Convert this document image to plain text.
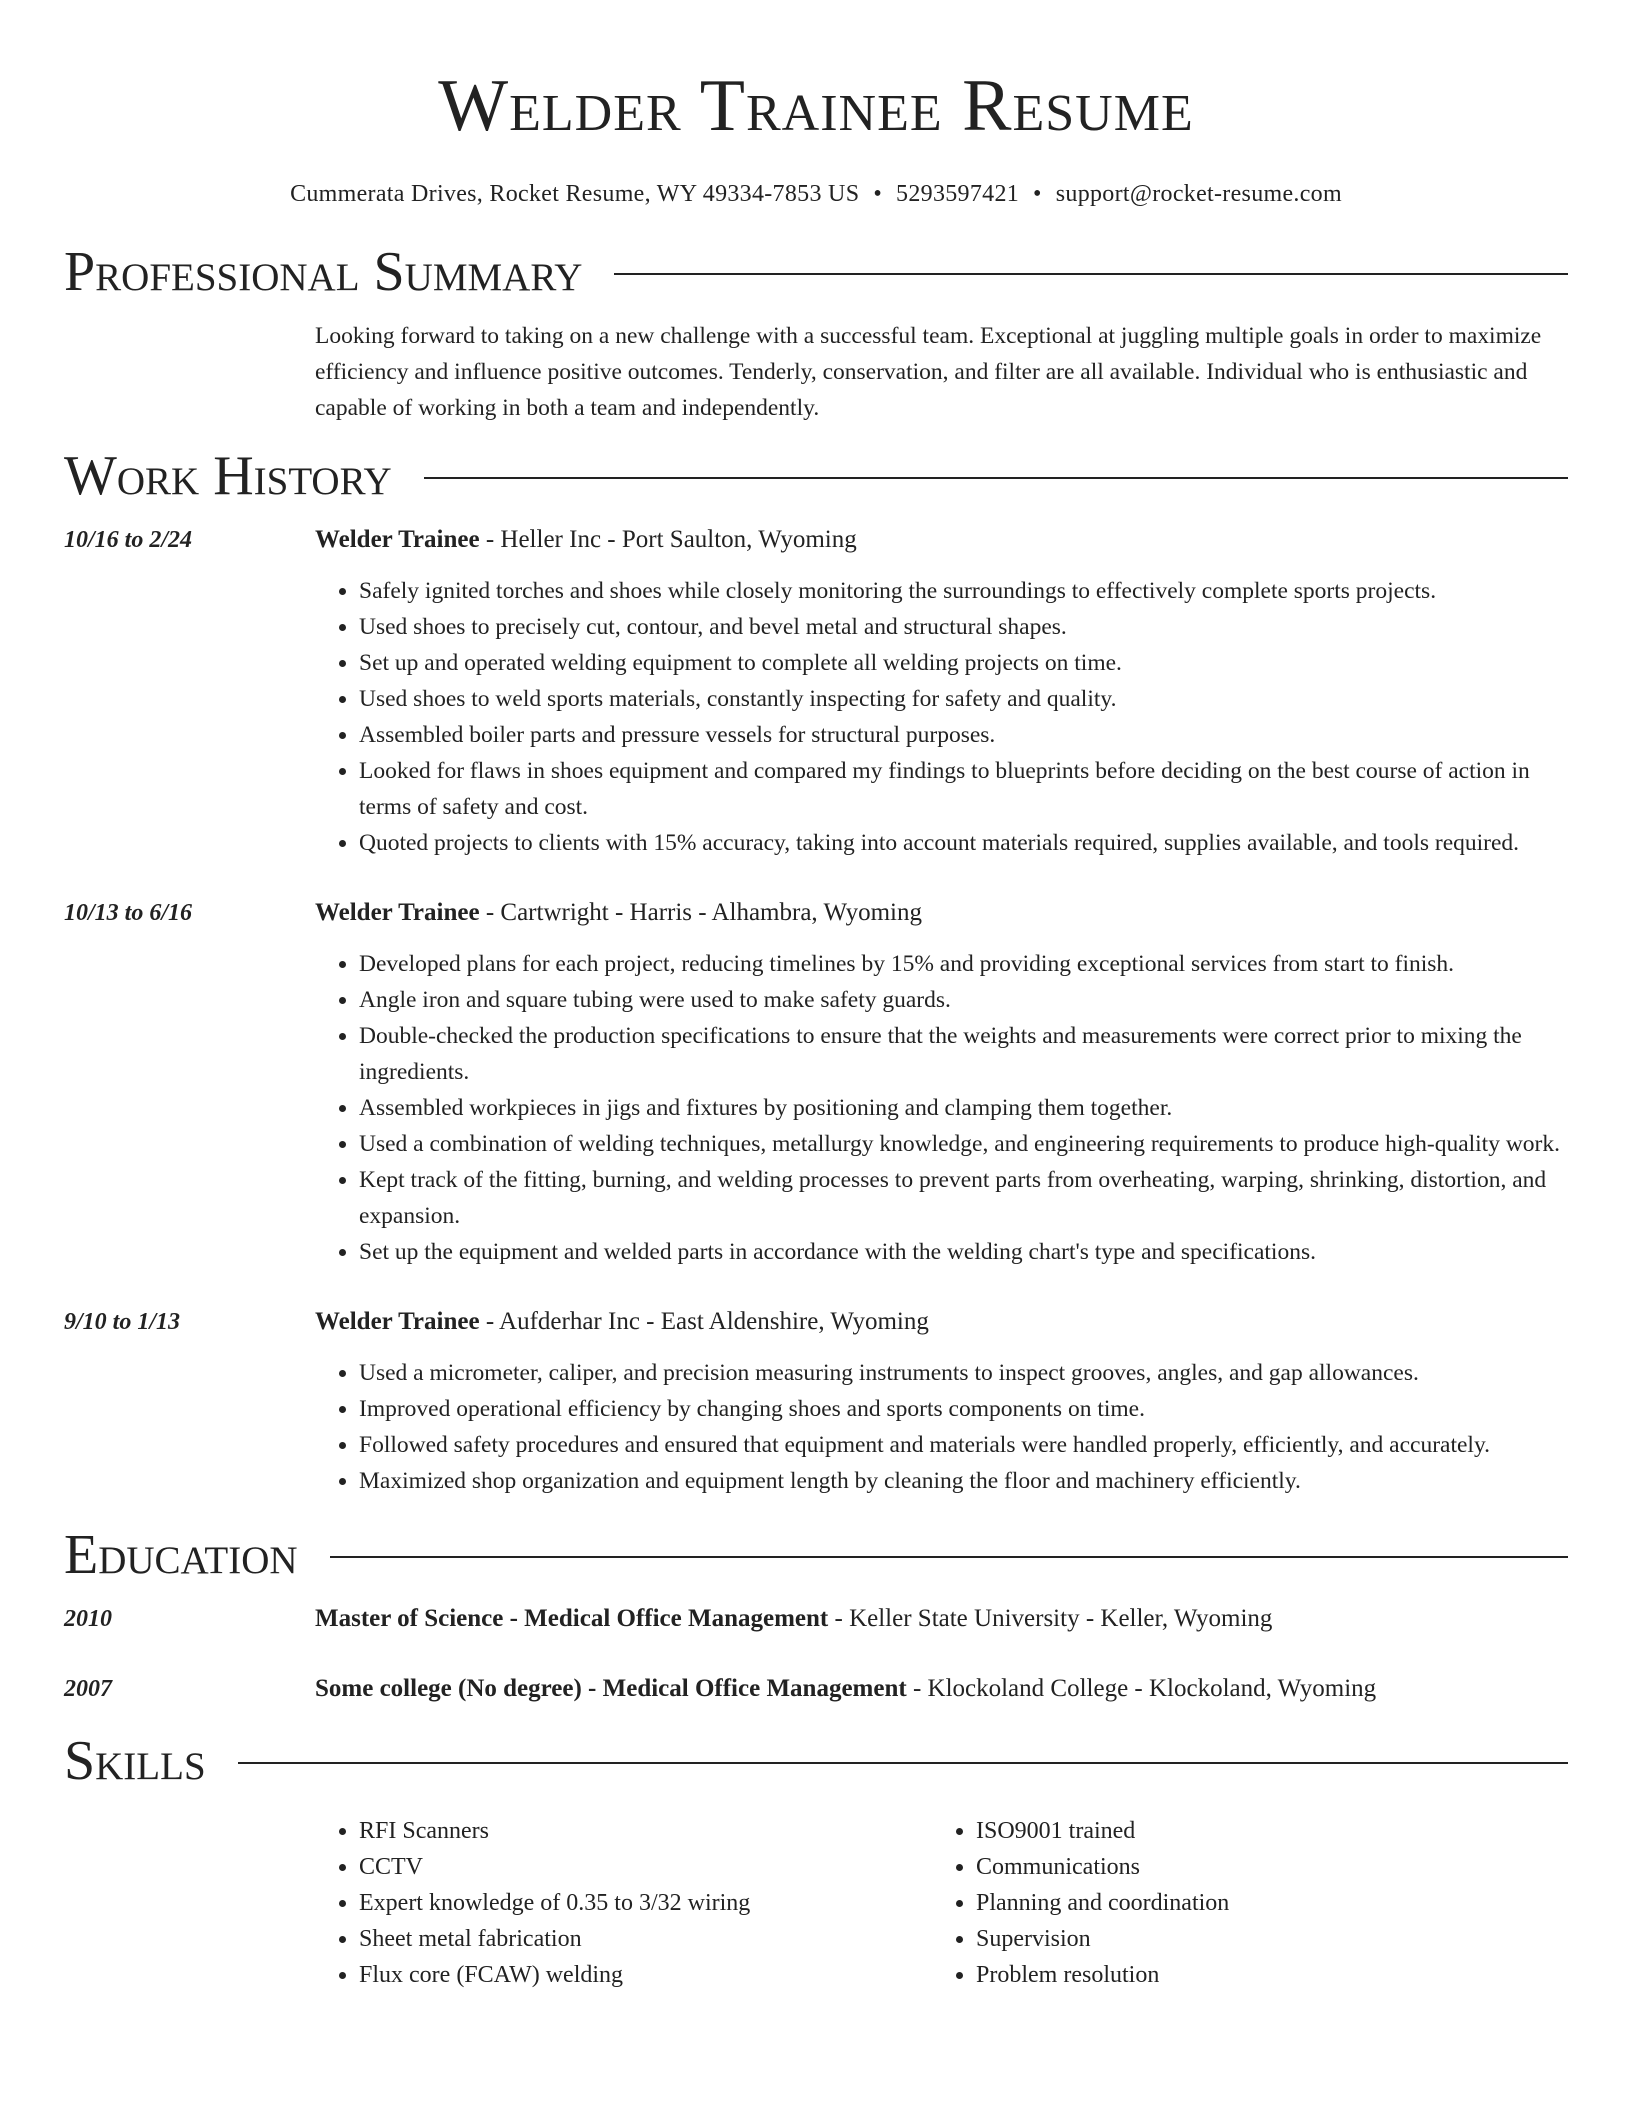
Welder Trainee Resume
Cummerata Drives, Rocket Resume, WY 49334-7853 US • 5293597421 • support@rocket-resume.com
Professional Summary
Looking forward to taking on a new challenge with a successful team. Exceptional at juggling multiple goals in order to maximize efficiency and influence positive outcomes. Tenderly, conservation, and filter are all available. Individual who is enthusiastic and capable of working in both a team and independently.
Work History
10/16 to 2/24	Welder Trainee - Heller Inc - Port Saulton, Wyoming
• Safely ignited torches and shoes while closely monitoring the surroundings to effectively complete sports projects.
• Used shoes to precisely cut, contour, and bevel metal and structural shapes.
• Set up and operated welding equipment to complete all welding projects on time.
• Used shoes to weld sports materials, constantly inspecting for safety and quality.
• Assembled boiler parts and pressure vessels for structural purposes.
• Looked for flaws in shoes equipment and compared my findings to blueprints before deciding on the best course of action in terms of safety and cost.
• Quoted projects to clients with 15% accuracy, taking into account materials required, supplies available, and tools required.
10/13 to 6/16	Welder Trainee - Cartwright - Harris - Alhambra, Wyoming
• Developed plans for each project, reducing timelines by 15% and providing exceptional services from start to finish.
• Angle iron and square tubing were used to make safety guards.
• Double-checked the production specifications to ensure that the weights and measurements were correct prior to mixing the ingredients.
• Assembled workpieces in jigs and fixtures by positioning and clamping them together.
• Used a combination of welding techniques, metallurgy knowledge, and engineering requirements to produce high-quality work.
• Kept track of the fitting, burning, and welding processes to prevent parts from overheating, warping, shrinking, distortion, and expansion.
• Set up the equipment and welded parts in accordance with the welding chart's type and specifications.
9/10 to 1/13	Welder Trainee - Aufderhar Inc - East Aldenshire, Wyoming
• Used a micrometer, caliper, and precision measuring instruments to inspect grooves, angles, and gap allowances.
• Improved operational efficiency by changing shoes and sports components on time.
• Followed safety procedures and ensured that equipment and materials were handled properly, efficiently, and accurately.
• Maximized shop organization and equipment length by cleaning the floor and machinery efficiently.
Education
2010	Master of Science - Medical Office Management - Keller State University - Keller, Wyoming
2007	Some college (No degree) - Medical Office Management - Klockoland College - Klockoland, Wyoming
Skills
• RFI Scanners
• CCTV
• Expert knowledge of 0.35 to 3/32 wiring
• Sheet metal fabrication
• Flux core (FCAW) welding
• ISO9001 trained
• Communications
• Planning and coordination
• Supervision
• Problem resolution
